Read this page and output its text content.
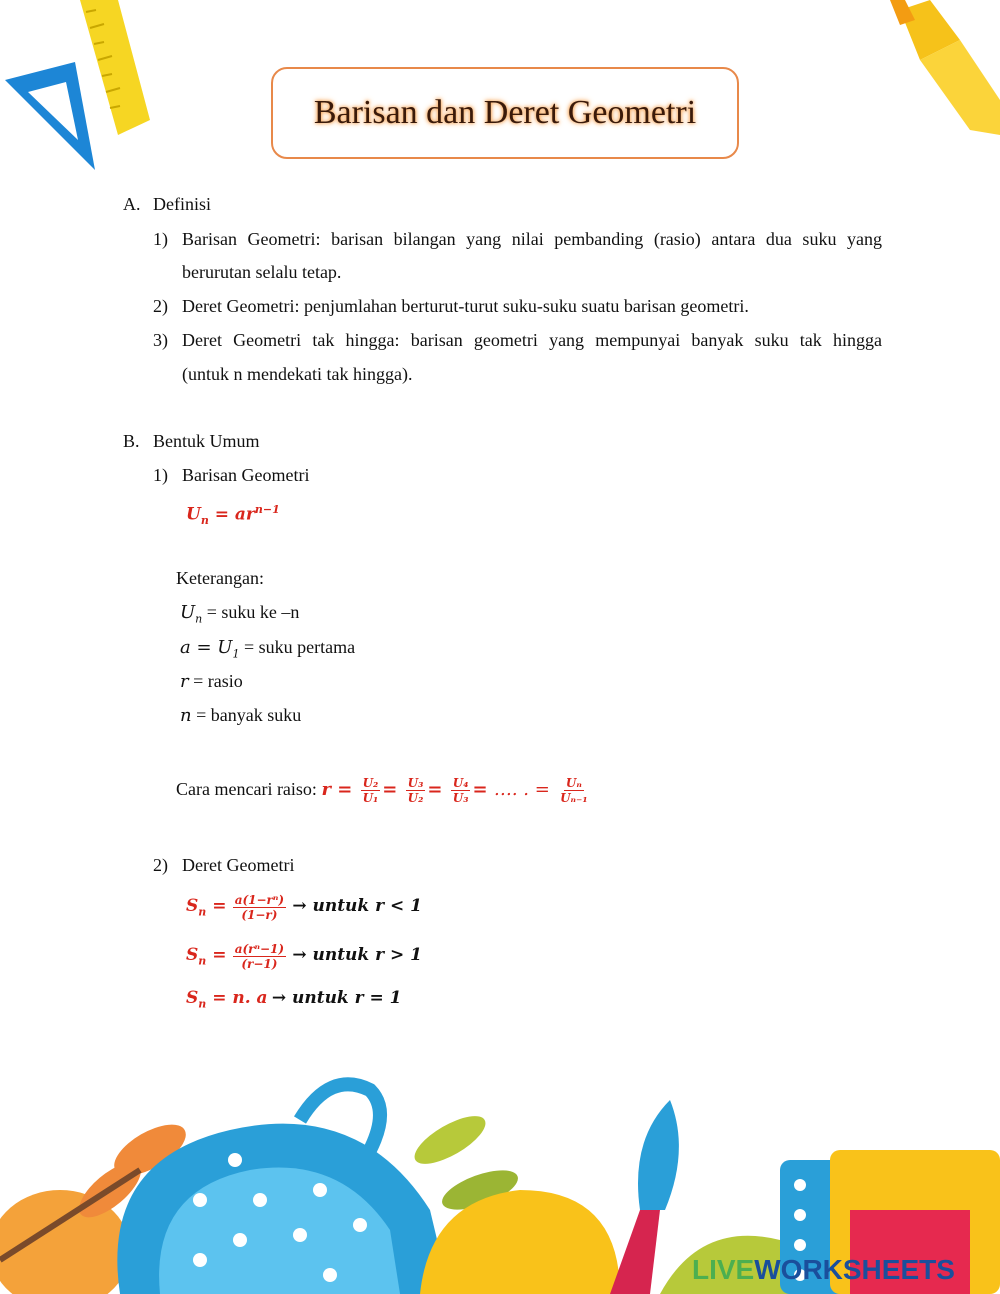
Barisan dan Deret Geometri
A. Definisi
1) Barisan Geometri: barisan bilangan yang nilai pembanding (rasio) antara dua suku yang
berurutan selalu tetap.
2) Deret Geometri: penjumlahan berturut-turut suku-suku suatu barisan geometri.
3) Deret Geometri tak hingga: barisan geometri yang mempunyai banyak suku tak hingga
(untuk n mendekati tak hingga).
B. Bentuk Umum
1) Barisan Geometri
$U_n = ar^{n-1}$
Keterangan:
$U_n$ = suku ke –n
$a = U_1$ = suku pertama
r = rasio
n = banyak suku
Cara mencari raiso: $r = \frac{\text{U₂}}{\text{U₁}} = \frac{\text{U₃}}{\text{U₂}} = \frac{\text{U₄}}{\text{U₃}}$ = …. . = $\frac{\text{Uₙ}}{\text{Uₙ₋₁}}$
2) Deret Geometri
$S_n = \frac{\text{a(1−rⁿ)}}{(1-r)}$ → untuk r < 1
$S_n = \frac{\text{a(rⁿ−1)}}{(r-1)}$ → untuk r > 1
$S_n = n$. a → untuk r = 1
LIVEWORKSHEETS
